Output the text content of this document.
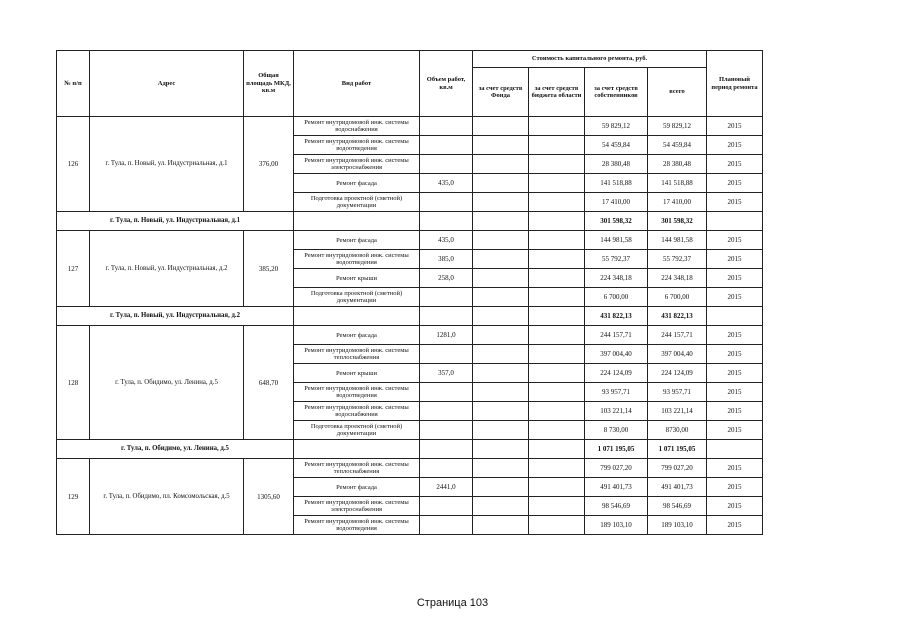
№ п/п	Адрес	Общая площадь МКД, кв.м	Вид работ	Объем работ, кв.м	Стоимость капитального ремонта, руб.				Плановый период ремонта
					за счет средств Фонда	за счет средств бюджета области	за счет средств собственников	всего	
126	г. Тула, п. Новый, ул. Индустриальная, д.1	376,00	Ремонт внутридомовой инж. системы водоснабжения				59 829,12	59 829,12	2015
			Ремонт внутридомовой инж. системы водоотведения				54 459,84	54 459,84	2015
			Ремонт внутридомовой инж. системы электроснабжения				28 380,48	28 380,48	2015
			Ремонт фасада	435,0			141 518,88	141 518,88	2015
			Подготовка проектной (сметной) документации				17 410,00	17 410,00	2015
г. Тула, п. Новый, ул. Индустриальная, д.1							301 598,32	301 598,32	
127	г. Тула, п. Новый, ул. Индустриальная, д.2	385,20	Ремонт фасада	435,0			144 981,58	144 981,58	2015
			Ремонт внутридомовой инж. системы водоотведения	385,0			55 792,37	55 792,37	2015
			Ремонт крыши	258,0			224 348,18	224 348,18	2015
			Подготовка проектной (сметной) документации				6 700,00	6 700,00	2015
г. Тула, п. Новый, ул. Индустриальная, д.2							431 822,13	431 822,13	
128	г. Тула, п. Обидимо, ул. Ленина, д.5	648,70	Ремонт фасада	1281,0			244 157,71	244 157,71	2015
			Ремонт внутридомовой инж. системы теплоснабжения				397 004,40	397 004,40	2015
			Ремонт крыши	357,0			224 124,09	224 124,09	2015
			Ремонт внутридомовой инж. системы водоотведения				93 957,71	93 957,71	2015
			Ремонт внутридомовой инж. системы водоснабжения				103 221,14	103 221,14	2015
			Подготовка проектной (сметной) документации				8 730,00	8730,00	2015
г. Тула, п. Обидимо, ул. Ленина, д.5							1 071 195,05	1 071 195,05	
129	г. Тула, п. Обидимо, пл. Комсомольская, д.5	1305,60	Ремонт внутридомовой инж. системы теплоснабжения				799 027,20	799 027,20	2015
			Ремонт фасада	2441,0			491 401,73	491 401,73	2015
			Ремонт внутридомовой инж. системы электроснабжения				98 546,69	98 546,69	2015
			Ремонт внутридомовой инж. системы водоотведения				189 103,10	189 103,10	2015
Страница 103
